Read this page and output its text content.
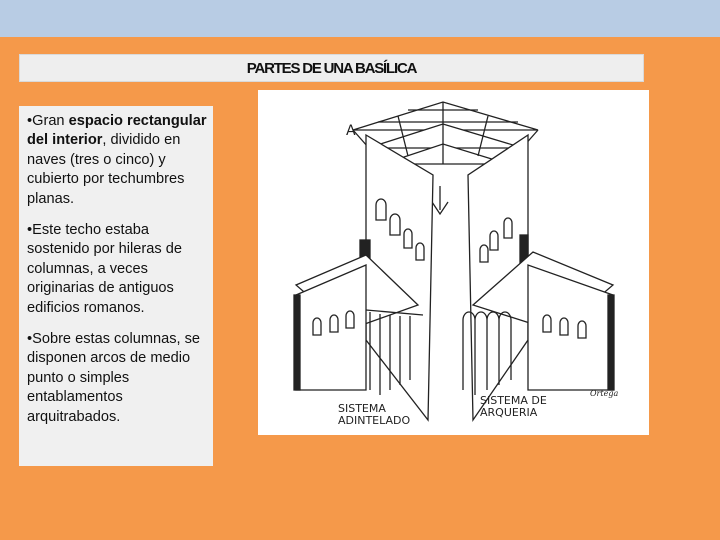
PARTES DE UNA BASÍLICA

•Gran espacio rectangular del interior, dividido en naves (tres o cinco) y cubierto por techumbres planas.

•Este techo estaba sostenido por hileras de columnas, a veces originarias de antiguos edificios romanos.

•Sobre estas columnas, se disponen arcos de medio punto o simples entablamentos arquitrabados.

A
SISTEMA
ADINTELADO
SISTEMA DE
ARQUERIA
Ortega
